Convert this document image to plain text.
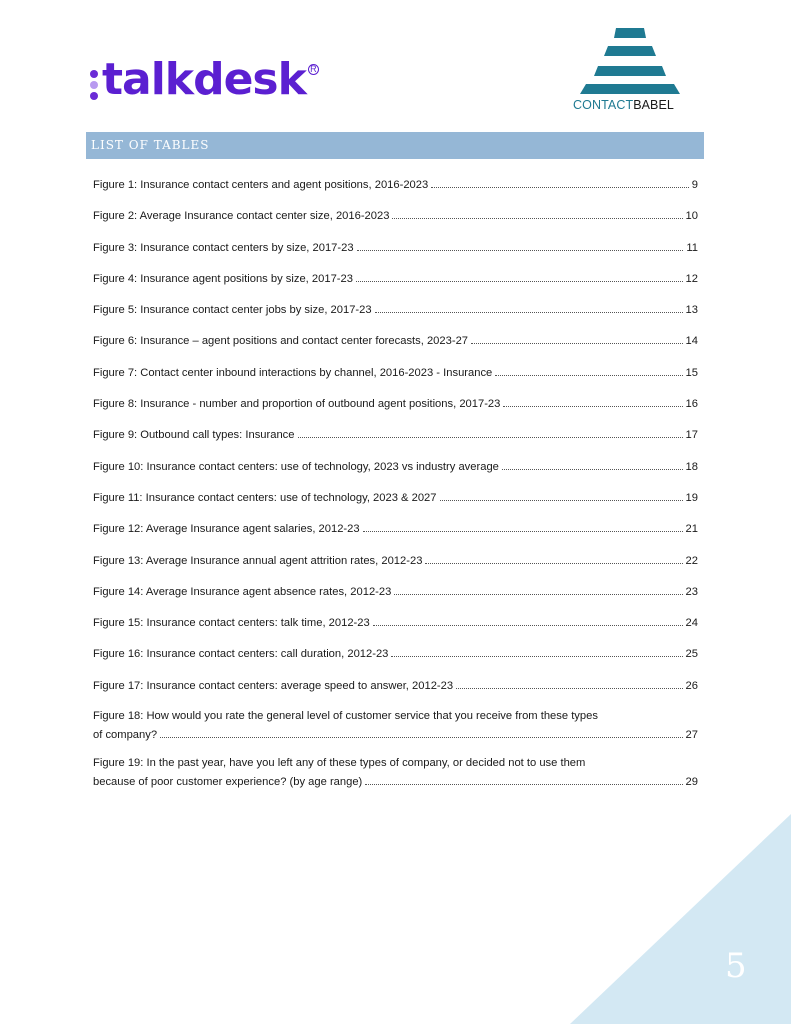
talkdesk R
CONTACTBABEL
LIST OF TABLES
Figure 1: Insurance contact centers and agent positions, 2016-2023	9
Figure 2: Average Insurance contact center size, 2016-2023	10
Figure 3: Insurance contact centers by size, 2017-23	11
Figure 4: Insurance agent positions by size, 2017-23	12
Figure 5: Insurance contact center jobs by size, 2017-23	13
Figure 6: Insurance – agent positions and contact center forecasts, 2023-27	14
Figure 7: Contact center inbound interactions by channel, 2016-2023 - Insurance	15
Figure 8: Insurance - number and proportion of outbound agent positions, 2017-23	16
Figure 9: Outbound call types: Insurance	17
Figure 10: Insurance contact centers: use of technology, 2023 vs industry average	18
Figure 11: Insurance contact centers: use of technology, 2023 & 2027	19
Figure 12: Average Insurance agent salaries, 2012-23	21
Figure 13: Average Insurance annual agent attrition rates, 2012-23	22
Figure 14: Average Insurance agent absence rates, 2012-23	23
Figure 15: Insurance contact centers: talk time, 2012-23	24
Figure 16: Insurance contact centers: call duration, 2012-23	25
Figure 17: Insurance contact centers: average speed to answer, 2012-23	26
Figure 18: How would you rate the general level of customer service that you receive from these types
of company?	27
Figure 19: In the past year, have you left any of these types of company, or decided not to use them
because of poor customer experience? (by age range)	29
5
